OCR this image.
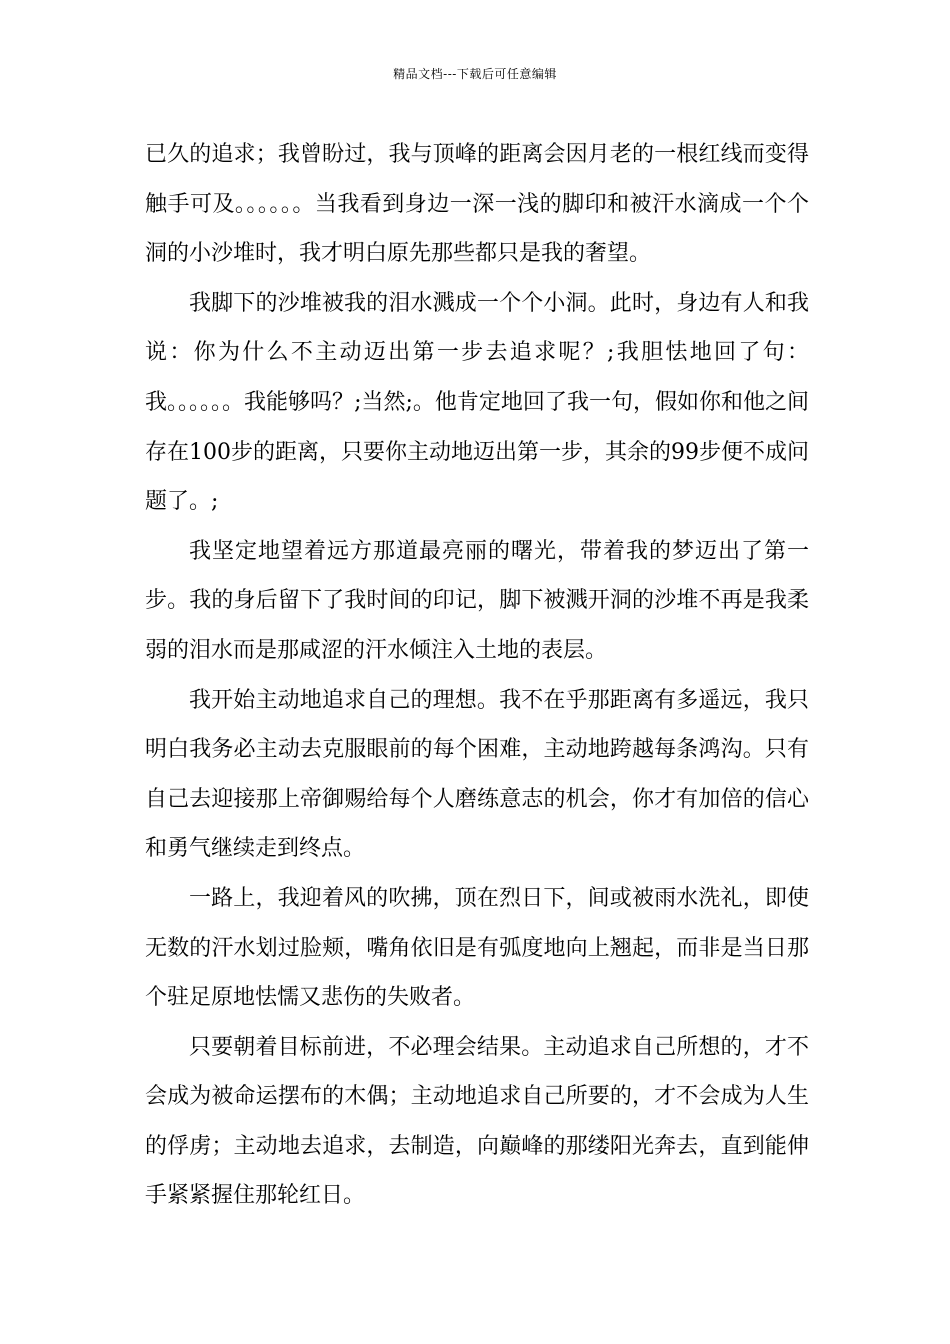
精品文档---下载后可任意编辑

已久的追求；我曾盼过，我与顶峰的距离会因月老的一根红线而变得触手可及。。。。。。当我看到身边一深一浅的脚印和被汗水滴成一个个洞的小沙堆时，我才明白原先那些都只是我的奢望。

我脚下的沙堆被我的泪水溅成一个个小洞。此时，身边有人和我说：你为什么不主动迈出第一步去追求呢？;我胆怯地回了句：我。。。。。。我能够吗？;当然;。他肯定地回了我一句，假如你和他之间存在100步的距离，只要你主动地迈出第一步，其余的99步便不成问题了。;

我坚定地望着远方那道最亮丽的曙光，带着我的梦迈出了第一步。我的身后留下了我时间的印记，脚下被溅开洞的沙堆不再是我柔弱的泪水而是那咸涩的汗水倾注入土地的表层。

我开始主动地追求自己的理想。我不在乎那距离有多遥远，我只明白我务必主动去克服眼前的每个困难，主动地跨越每条鸿沟。只有自己去迎接那上帝御赐给每个人磨练意志的机会，你才有加倍的信心和勇气继续走到终点。

一路上，我迎着风的吹拂，顶在烈日下，间或被雨水洗礼，即使无数的汗水划过脸颊，嘴角依旧是有弧度地向上翘起，而非是当日那个驻足原地怯懦又悲伤的失败者。

只要朝着目标前进，不必理会结果。主动追求自己所想的，才不会成为被命运摆布的木偶；主动地追求自己所要的，才不会成为人生的俘虏；主动地去追求，去制造，向巅峰的那缕阳光奔去，直到能伸手紧紧握住那轮红日。
